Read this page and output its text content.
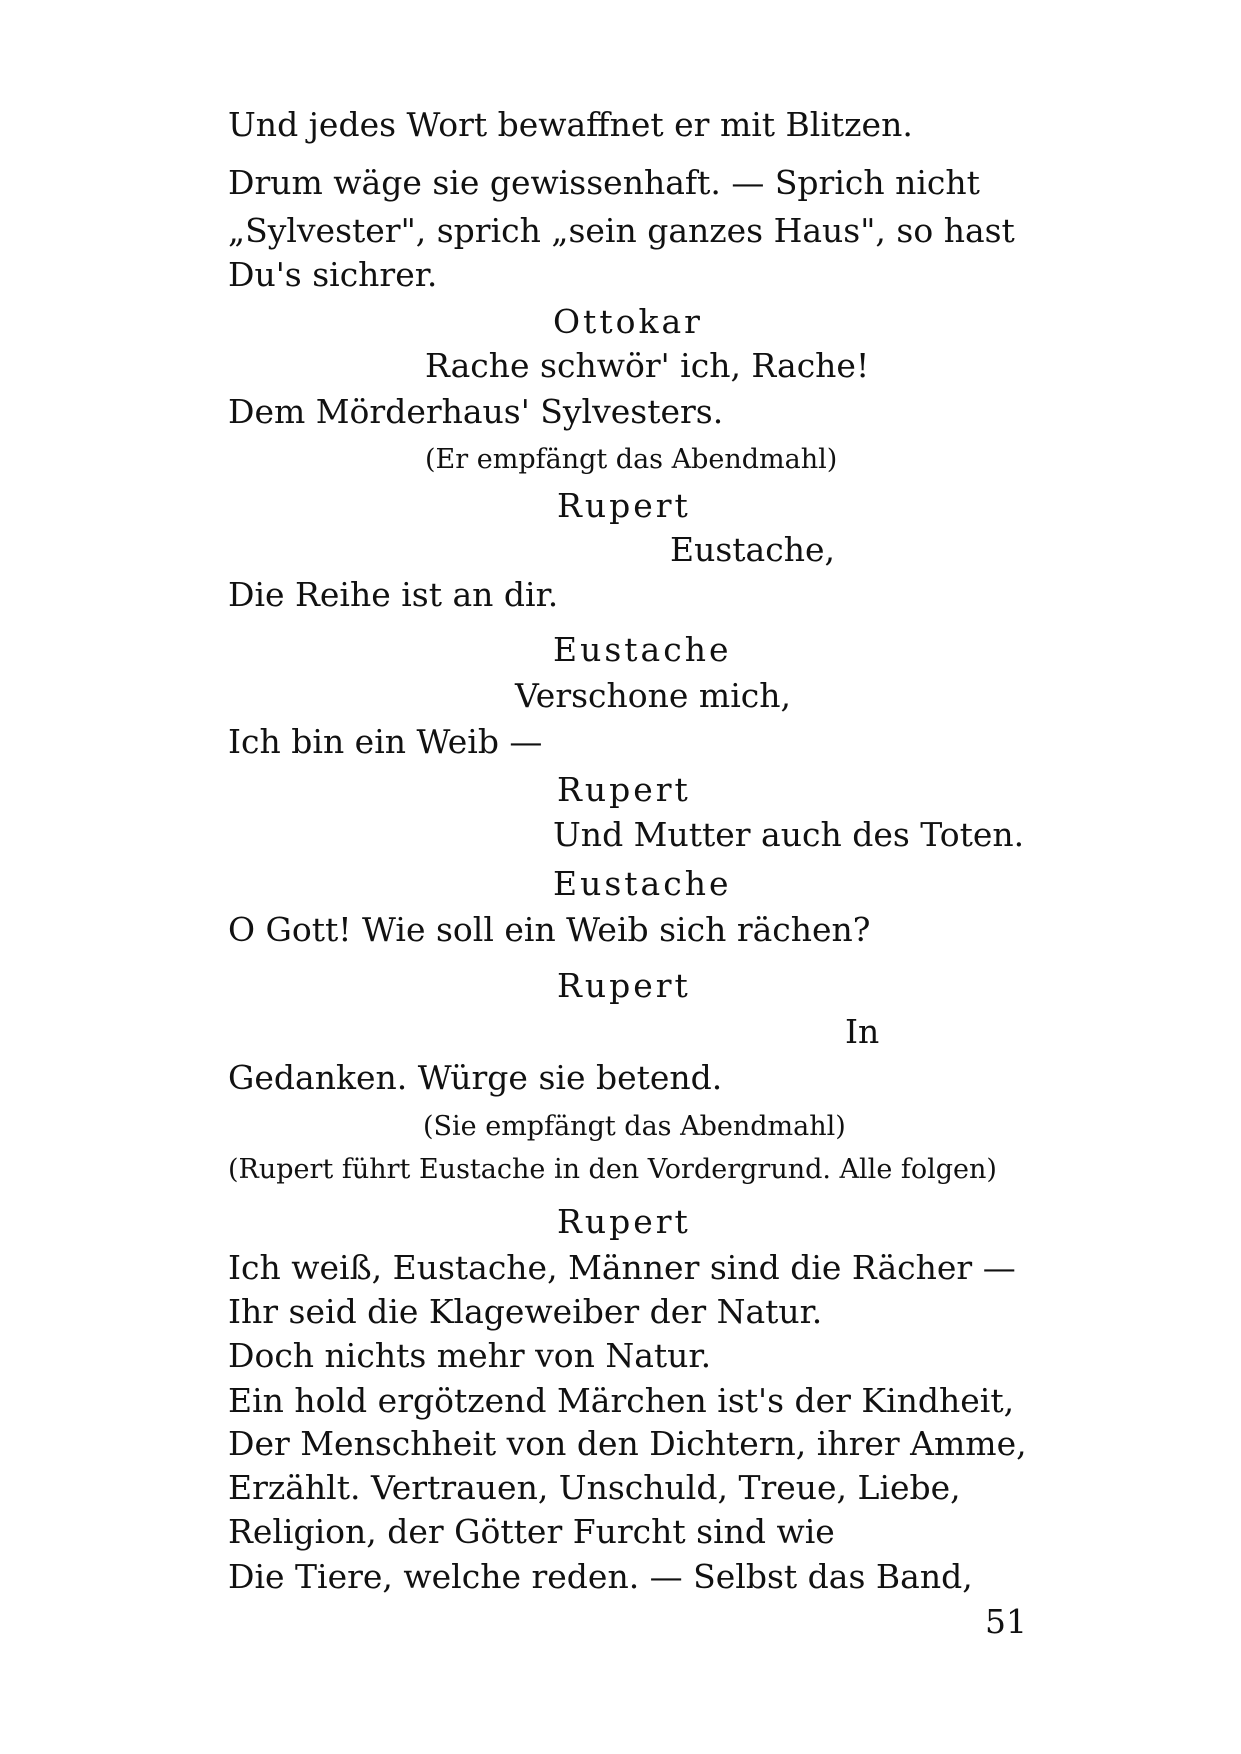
Und jedes Wort bewaffnet er mit Blitzen.
Drum wäge sie gewissenhaft. — Sprich nicht
„Sylvester", sprich „sein ganzes Haus", so hast
Du's sichrer.
Ottokar
Rache schwör' ich, Rache!
Dem Mörderhaus' Sylvesters.
(Er empfängt das Abendmahl)
Rupert
Eustache,
Die Reihe ist an dir.
Eustache
Verschone mich,
Ich bin ein Weib —
Rupert
Und Mutter auch des Toten.
Eustache
O Gott! Wie soll ein Weib sich rächen?
Rupert
In
Gedanken. Würge sie betend.
(Sie empfängt das Abendmahl)
(Rupert führt Eustache in den Vordergrund. Alle folgen)
Rupert
Ich weiß, Eustache, Männer sind die Rächer —
Ihr seid die Klageweiber der Natur.
Doch nichts mehr von Natur.
Ein hold ergötzend Märchen ist's der Kindheit,
Der Menschheit von den Dichtern, ihrer Amme,
Erzählt. Vertrauen, Unschuld, Treue, Liebe,
Religion, der Götter Furcht sind wie
Die Tiere, welche reden. — Selbst das Band,
51
